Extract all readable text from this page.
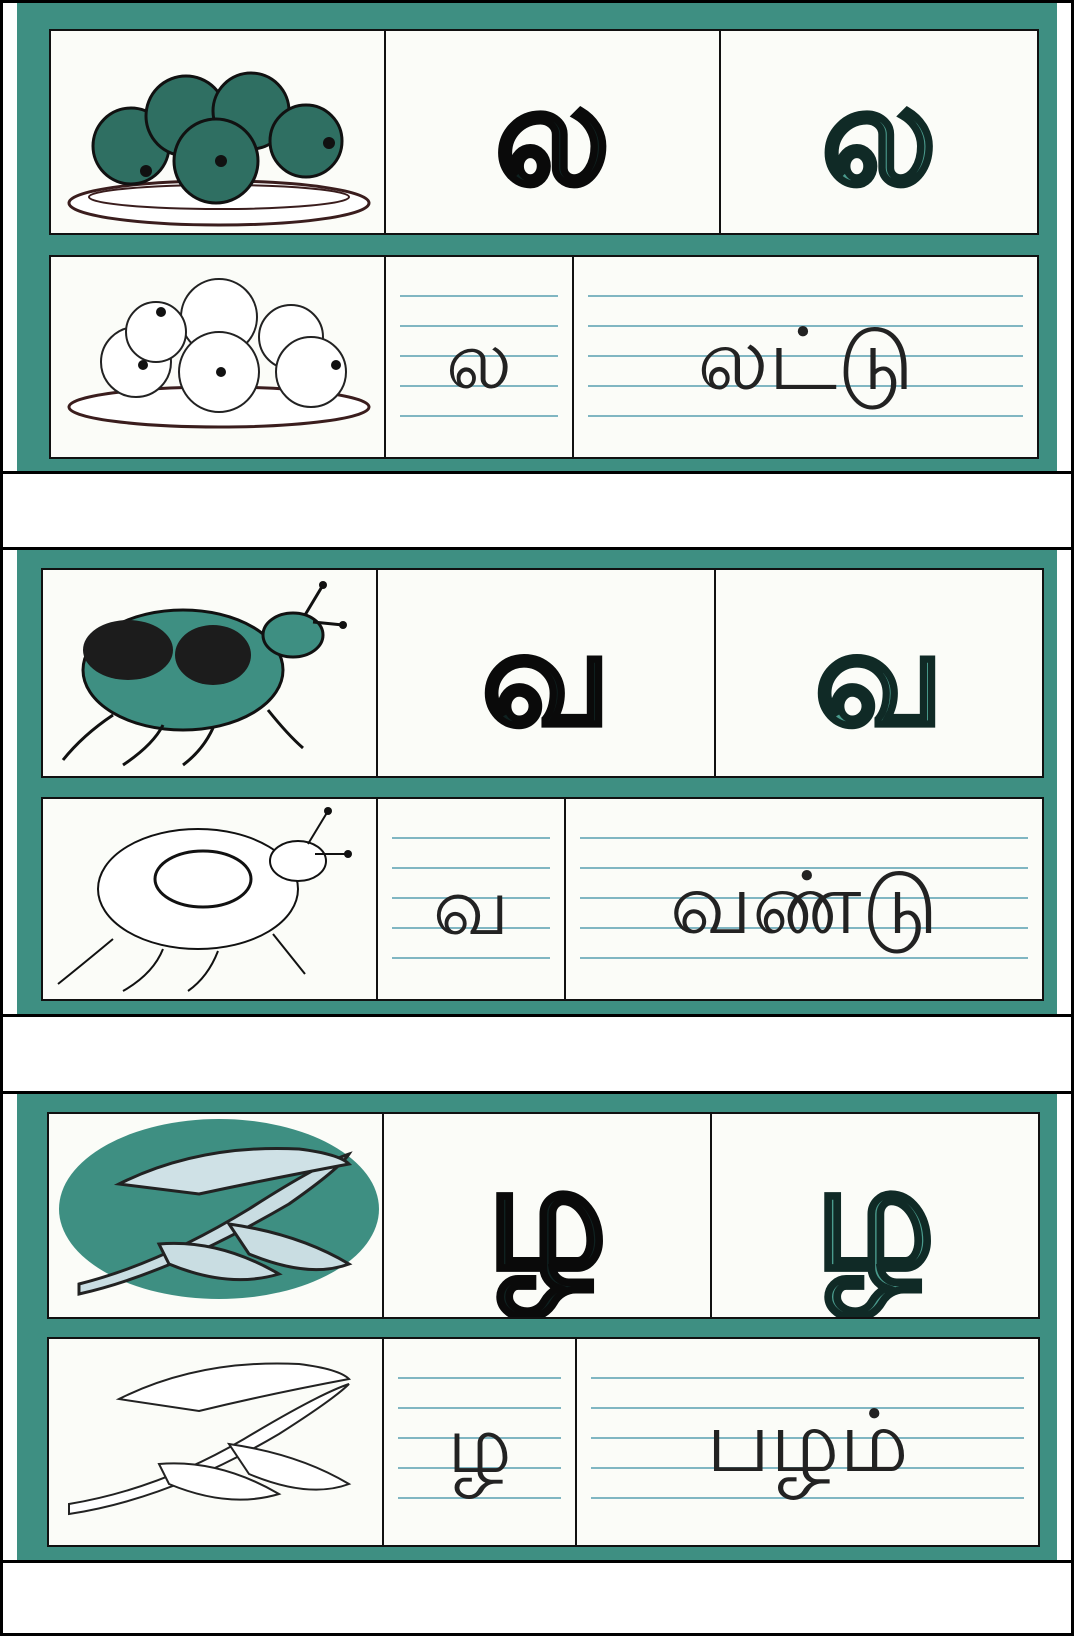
ல	ல
ல	லட்டு
வ	வ
வ	வண்டு
ழ	ழ
ழ	பழம்
